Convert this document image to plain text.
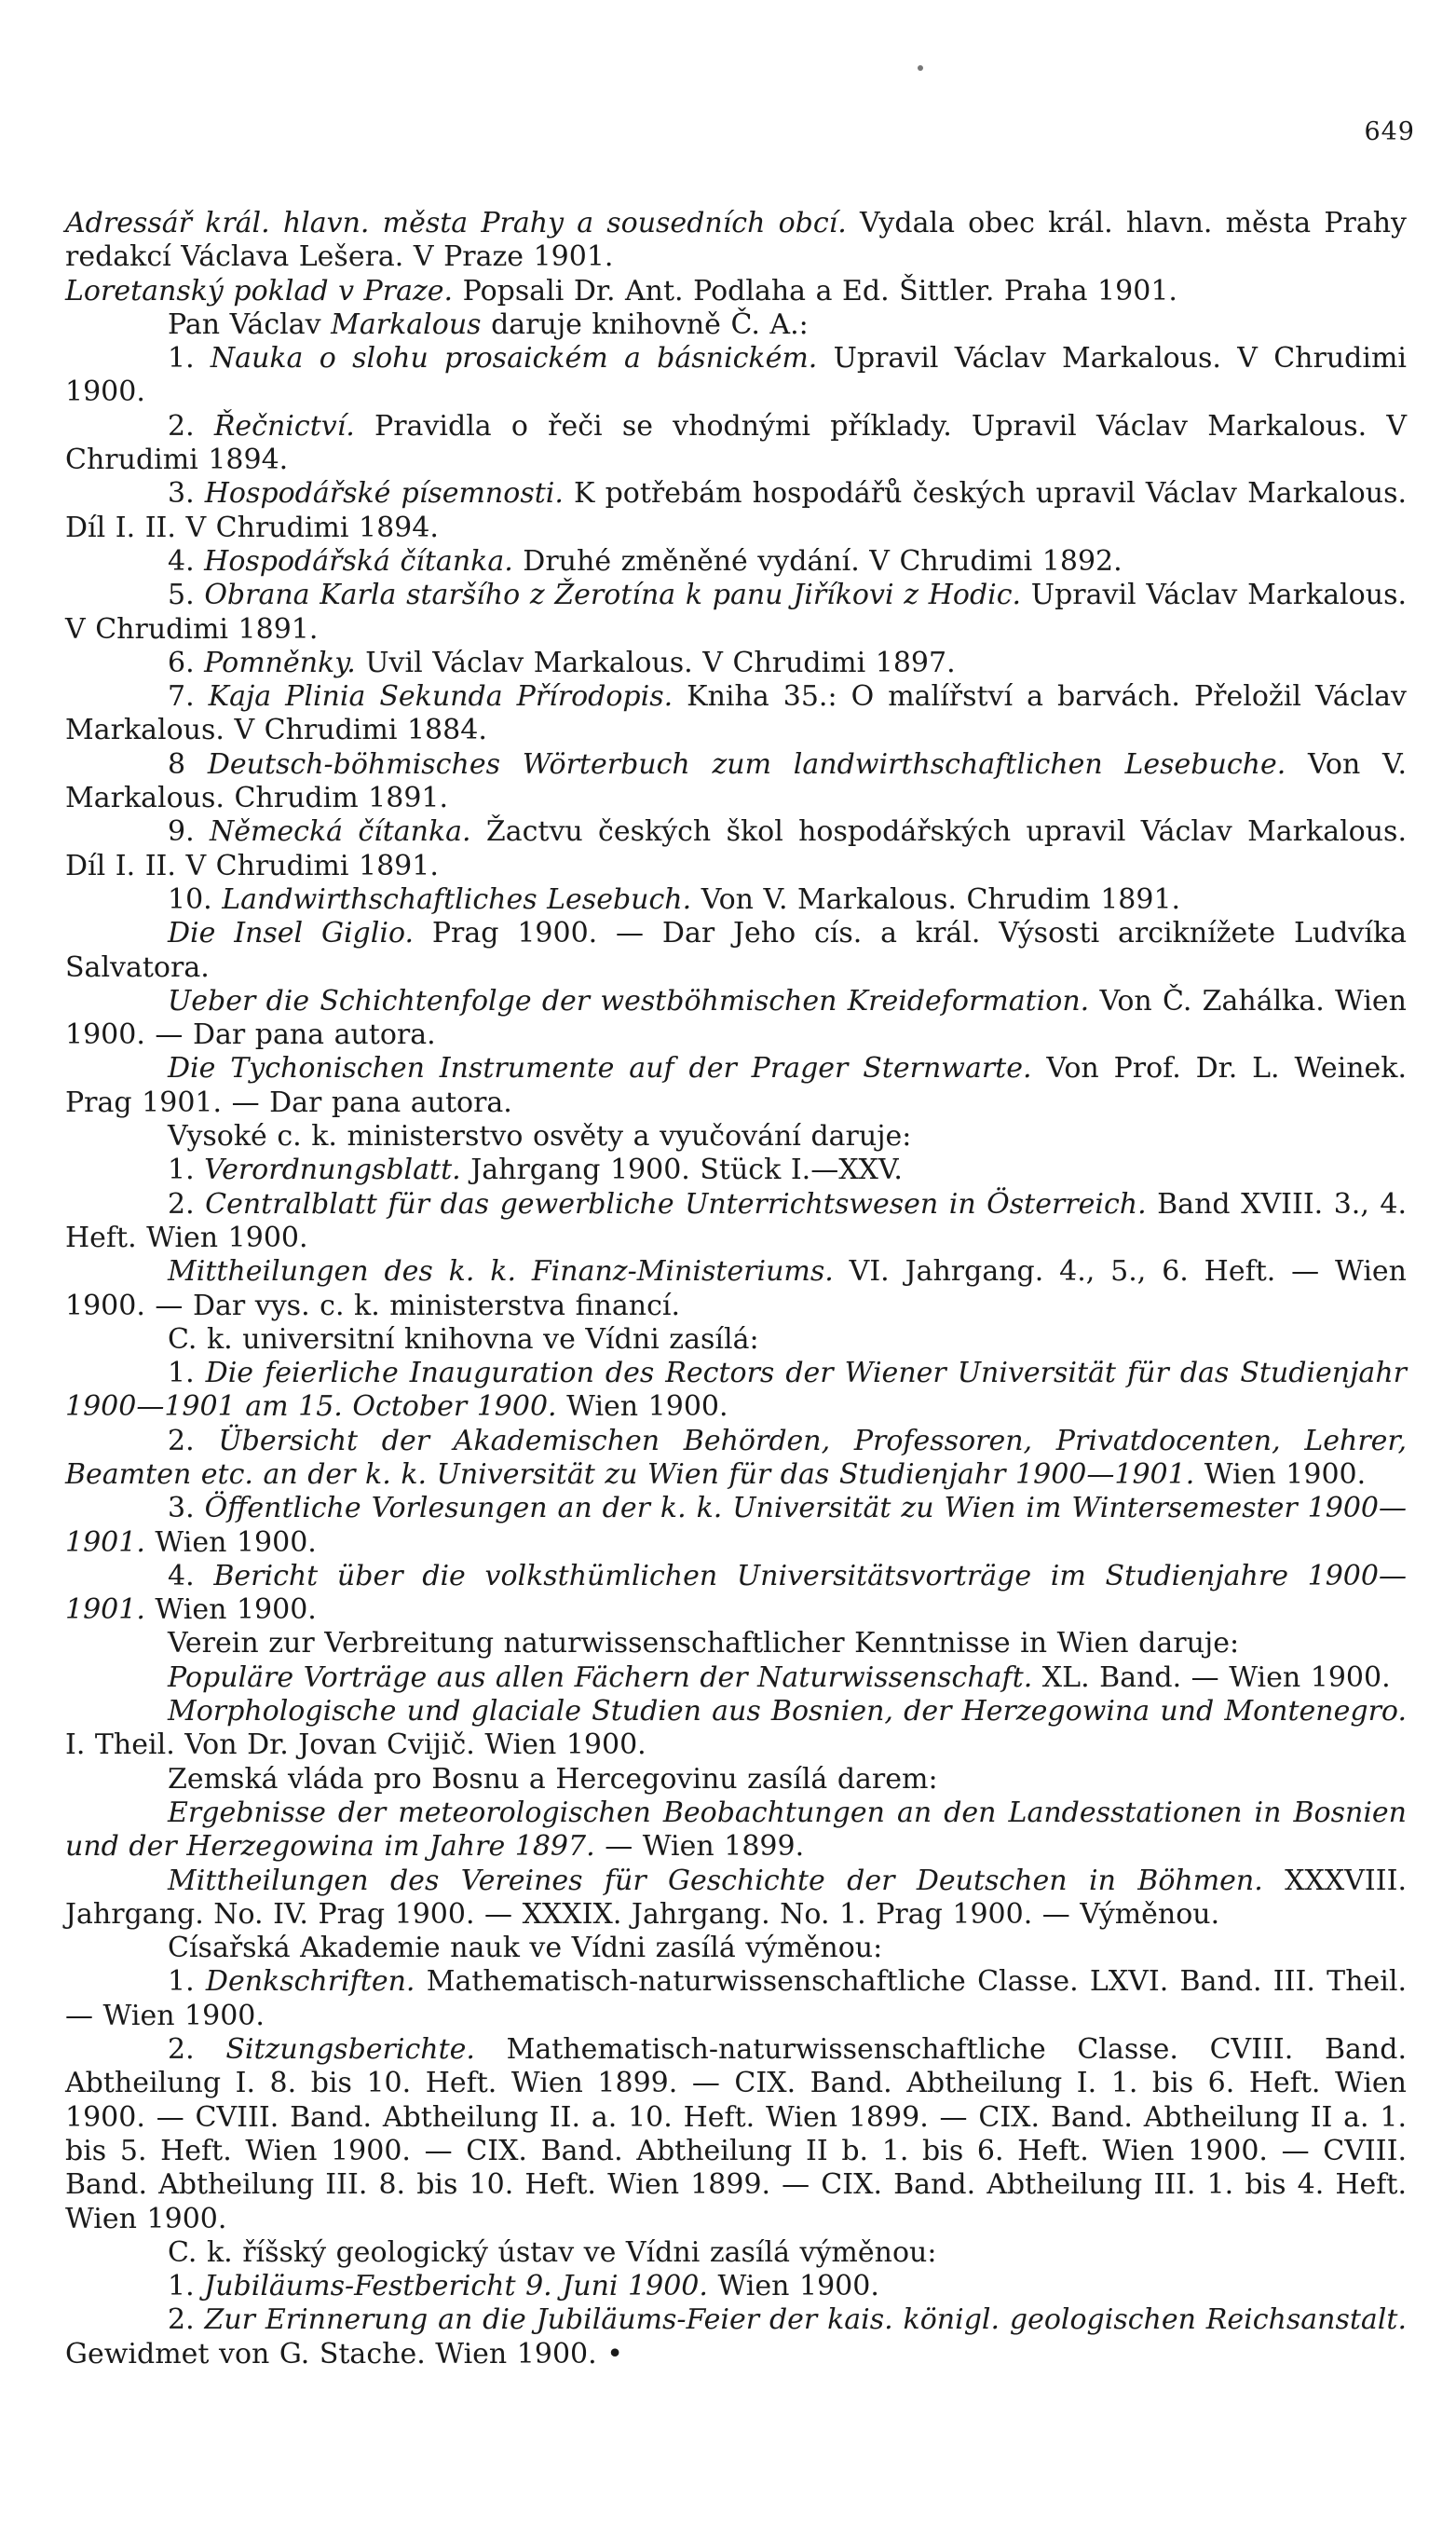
649

Adressář král. hlavn. města Prahy a sousedních obcí. Vydala obec král. hlavn. města Prahy redakcí Václava Lešera. V Praze 1901.

Loretanský poklad v Praze. Popsali Dr. Ant. Podlaha a Ed. Šittler. Praha 1901.

Pan Václav Markalous daruje knihovně Č. A.:

1. Nauka o slohu prosaickém a básnickém. Upravil Václav Markalous. V Chrudimi 1900.

2. Řečnictví. Pravidla o řeči se vhodnými příklady. Upravil Václav Markalous. V Chrudimi 1894.

3. Hospodářské písemnosti. K potřebám hospodářů českých upravil Václav Markalous. Díl I. II. V Chrudimi 1894.

4. Hospodářská čítanka. Druhé změněné vydání. V Chrudimi 1892.

5. Obrana Karla staršího z Žerotína k panu Jiříkovi z Hodic. Upravil Václav Markalous. V Chrudimi 1891.

6. Pomněnky. Uvil Václav Markalous. V Chrudimi 1897.

7. Kaja Plinia Sekunda Přírodopis. Kniha 35.: O malířství a barvách. Přeložil Václav Markalous. V Chrudimi 1884.

8 Deutsch-böhmisches Wörterbuch zum landwirthschaftlichen Lesebuche. Von V. Markalous. Chrudim 1891.

9. Německá čítanka. Žactvu českých škol hospodářských upravil Václav Markalous. Díl I. II. V Chrudimi 1891.

10. Landwirthschaftliches Lesebuch. Von V. Markalous. Chrudim 1891.

Die Insel Giglio. Prag 1900. — Dar Jeho cís. a král. Výsosti arciknížete Ludvíka Salvatora.

Ueber die Schichtenfolge der westböhmischen Kreideformation. Von Č. Zahálka. Wien 1900. — Dar pana autora.

Die Tychonischen Instrumente auf der Prager Sternwarte. Von Prof. Dr. L. Weinek. Prag 1901. — Dar pana autora.

Vysoké c. k. ministerstvo osvěty a vyučování daruje:

1. Verordnungsblatt. Jahrgang 1900. Stück I.—XXV.

2. Centralblatt für das gewerbliche Unterrichtswesen in Österreich. Band XVIII. 3., 4. Heft. Wien 1900.

Mittheilungen des k. k. Finanz-Ministeriums. VI. Jahrgang. 4., 5., 6. Heft. — Wien 1900. — Dar vys. c. k. ministerstva financí.

C. k. universitní knihovna ve Vídni zasílá:

1. Die feierliche Inauguration des Rectors der Wiener Universität für das Studienjahr 1900—1901 am 15. October 1900. Wien 1900.

2. Übersicht der Akademischen Behörden, Professoren, Privatdocenten, Lehrer, Beamten etc. an der k. k. Universität zu Wien für das Studienjahr 1900—1901. Wien 1900.

3. Öffentliche Vorlesungen an der k. k. Universität zu Wien im Wintersemester 1900—1901. Wien 1900.

4. Bericht über die volksthümlichen Universitätsvorträge im Studienjahre 1900—1901. Wien 1900.

Verein zur Verbreitung naturwissenschaftlicher Kenntnisse in Wien daruje:

Populäre Vorträge aus allen Fächern der Naturwissenschaft. XL. Band. — Wien 1900.

Morphologische und glaciale Studien aus Bosnien, der Herzegowina und Montenegro. I. Theil. Von Dr. Jovan Cvijič. Wien 1900.

Zemská vláda pro Bosnu a Hercegovinu zasílá darem:

Ergebnisse der meteorologischen Beobachtungen an den Landesstationen in Bosnien und der Herzegowina im Jahre 1897. — Wien 1899.

Mittheilungen des Vereines für Geschichte der Deutschen in Böhmen. XXXVIII. Jahrgang. No. IV. Prag 1900. — XXXIX. Jahrgang. No. 1. Prag 1900. — Výměnou.

Císařská Akademie nauk ve Vídni zasílá výměnou:

1. Denkschriften. Mathematisch-naturwissenschaftliche Classe. LXVI. Band. III. Theil. — Wien 1900.

2. Sitzungsberichte. Mathematisch-naturwissenschaftliche Classe. CVIII. Band. Abtheilung I. 8. bis 10. Heft. Wien 1899. — CIX. Band. Abtheilung I. 1. bis 6. Heft. Wien 1900. — CVIII. Band. Abtheilung II. a. 10. Heft. Wien 1899. — CIX. Band. Abtheilung II a. 1. bis 5. Heft. Wien 1900. — CIX. Band. Abtheilung II b. 1. bis 6. Heft. Wien 1900. — CVIII. Band. Abtheilung III. 8. bis 10. Heft. Wien 1899. — CIX. Band. Abtheilung III. 1. bis 4. Heft. Wien 1900.

C. k. říšský geologický ústav ve Vídni zasílá výměnou:

1. Jubiläums-Festbericht 9. Juni 1900. Wien 1900.

2. Zur Erinnerung an die Jubiläums-Feier der kais. königl. geologischen Reichsanstalt. Gewidmet von G. Stache. Wien 1900. •
